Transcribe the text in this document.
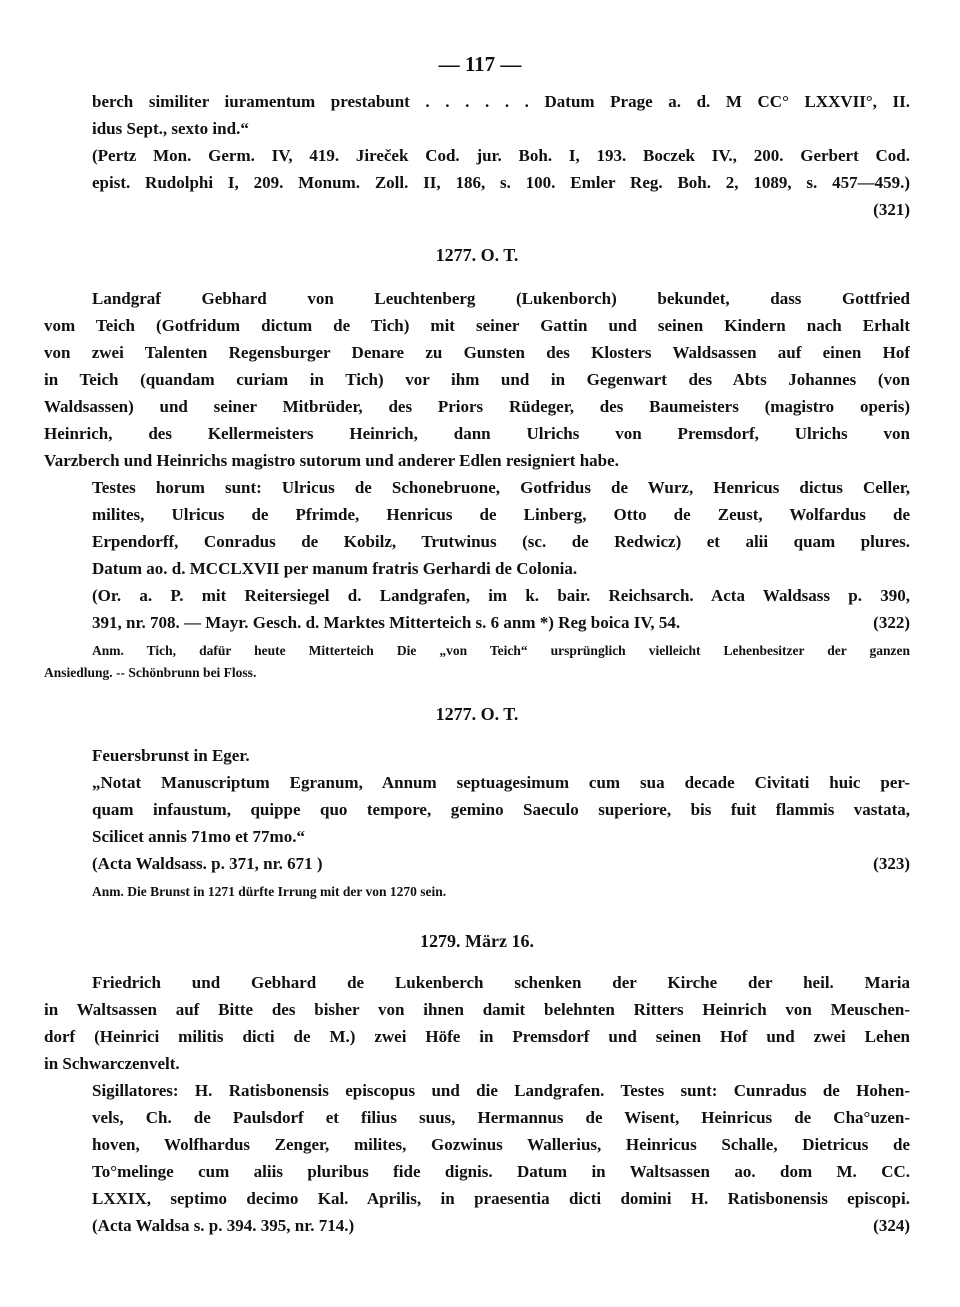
— 117 —
berch similiter iuramentum prestabunt . . . . . . Datum Prage a. d. M CC° LXXVII°, II.
idus Sept., sexto ind.“
(Pertz Mon. Germ. IV, 419. Jireček Cod. jur. Boh. I, 193. Boczek IV., 200. Gerbert Cod.
epist. Rudolphi I, 209. Monum. Zoll. II, 186, s. 100. Emler Reg. Boh. 2, 1089, s. 457—459.)
(321)
1277. O. T.
Landgraf Gebhard von Leuchtenberg (Lukenborch) bekundet, dass Gottfried
vom Teich (Gotfridum dictum de Tich) mit seiner Gattin und seinen Kindern nach Erhalt
von zwei Talenten Regensburger Denare zu Gunsten des Klosters Waldsassen auf einen Hof
in Teich (quandam curiam in Tich) vor ihm und in Gegenwart des Abts Johannes (von
Waldsassen) und seiner Mitbrüder, des Priors Rüdeger, des Baumeisters (magistro operis)
Heinrich, des Kellermeisters Heinrich, dann Ulrichs von Premsdorf, Ulrichs von
Varzberch und Heinrichs magistro sutorum und anderer Edlen resigniert habe.
Testes horum sunt: Ulricus de Schonebruone, Gotfridus de Wurz, Henricus dictus Celler,
milites, Ulricus de Pfrimde, Henricus de Linberg, Otto de Zeust, Wolfardus de
Erpendorff, Conradus de Kobilz, Trutwinus (sc. de Redwicz) et alii quam plures.
Datum ao. d. MCCLXVII per manum fratris Gerhardi de Colonia.
(Or. a. P. mit Reitersiegel d. Landgrafen, im k. bair. Reichsarch. Acta Waldsass p. 390,
391, nr. 708. — Mayr. Gesch. d. Marktes Mitterteich s. 6 anm *) Reg boica IV, 54.	(322)
Anm. Tich, dafür heute Mitterteich Die „von Teich“ ursprünglich vielleicht Lehenbesitzer der ganzen
Ansiedlung. -- Schönbrunn bei Floss.
1277. O. T.
Feuersbrunst in Eger.
„Notat Manuscriptum Egranum, Annum septuagesimum cum sua decade Civitati huic per-
quam infaustum, quippe quo tempore, gemino Saeculo superiore, bis fuit flammis vastata,
Scilicet annis 71mo et 77mo.“
(Acta Waldsass. p. 371, nr. 671 )	(323)
Anm. Die Brunst in 1271 dürfte Irrung mit der von 1270 sein.
1279. März 16.
Friedrich und Gebhard de Lukenberch schenken der Kirche der heil. Maria
in Waltsassen auf Bitte des bisher von ihnen damit belehnten Ritters Heinrich von Meuschen-
dorf (Heinrici militis dicti de M.) zwei Höfe in Premsdorf und seinen Hof und zwei Lehen
in Schwarczenvelt.
Sigillatores: H. Ratisbonensis episcopus und die Landgrafen. Testes sunt: Cunradus de Hohen-
vels, Ch. de Paulsdorf et filius suus, Hermannus de Wisent, Heinricus de Cha°uzen-
hoven, Wolfhardus Zenger, milites, Gozwinus Wallerius, Heinricus Schalle, Dietricus de
To°melinge cum aliis pluribus fide dignis. Datum in Waltsassen ao. dom M. CC.
LXXIX, septimo decimo Kal. Aprilis, in praesentia dicti domini H. Ratisbonensis episcopi.
(Acta Waldsa s. p. 394. 395, nr. 714.)	(324)
